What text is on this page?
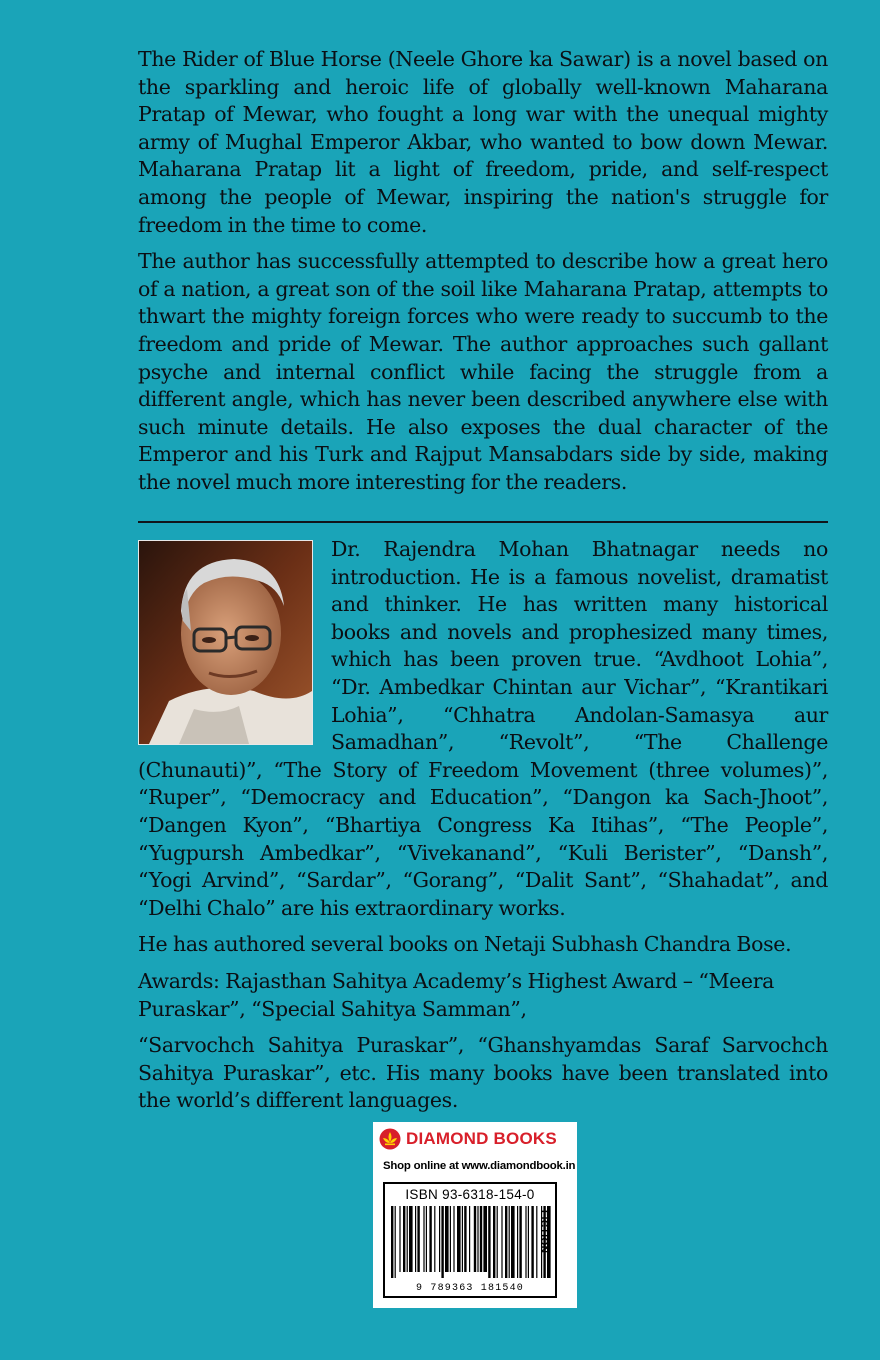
The Rider of Blue Horse (Neele Ghore ka Sawar) is a novel based on the sparkling and heroic life of globally well-known Maharana Pratap of Mewar, who fought a long war with the unequal mighty army of Mughal Emperor Akbar, who wanted to bow down Mewar. Maharana Pratap lit a light of freedom, pride, and self-respect among the people of Mewar, inspiring the nation's struggle for freedom in the time to come.

The author has successfully attempted to describe how a great hero of a nation, a great son of the soil like Maharana Pratap, attempts to thwart the mighty foreign forces who were ready to succumb to the freedom and pride of Mewar. The author approaches such gallant psyche and internal conflict while facing the struggle from a different angle, which has never been described anywhere else with such minute details. He also exposes the dual character of the Emperor and his Turk and Rajput Mansabdars side by side, making the novel much more interesting for the readers.

Dr. Rajendra Mohan Bhatnagar needs no introduction. He is a famous novelist, dramatist and thinker. He has written many historical books and novels and prophesized many times, which has been proven true. “Avdhoot Lohia”, “Dr. Ambedkar Chintan aur Vichar”, “Krantikari Lohia”, “Chhatra Andolan-Samasya aur Samadhan”, “Revolt”, “The Challenge (Chunauti)”, “The Story of Freedom Movement (three volumes)”, “Ruper”, “Democracy and Education”, “Dangon ka Sach-Jhoot”, “Dangen Kyon”, “Bhartiya Congress Ka Itihas”, “The People”, “Yugpursh Ambedkar”, “Vivekanand”, “Kuli Berister”, “Dansh”, “Yogi Arvind”, “Sardar”, “Gorang”, “Dalit Sant”, “Shahadat”, and “Delhi Chalo” are his extraordinary works.

He has authored several books on Netaji Subhash Chandra Bose.

Awards: Rajasthan Sahitya Academy’s Highest Award – “Meera Puraskar”, “Special Sahitya Samman”,

“Sarvochch Sahitya Puraskar”, “Ghanshyamdas Saraf Sarvochch Sahitya Puraskar”, etc. His many books have been translated into the world’s different languages.

DIAMOND BOOKS
Shop online at www.diamondbook.in
ISBN 93-6318-154-0
9 789363 181540
FICTION
